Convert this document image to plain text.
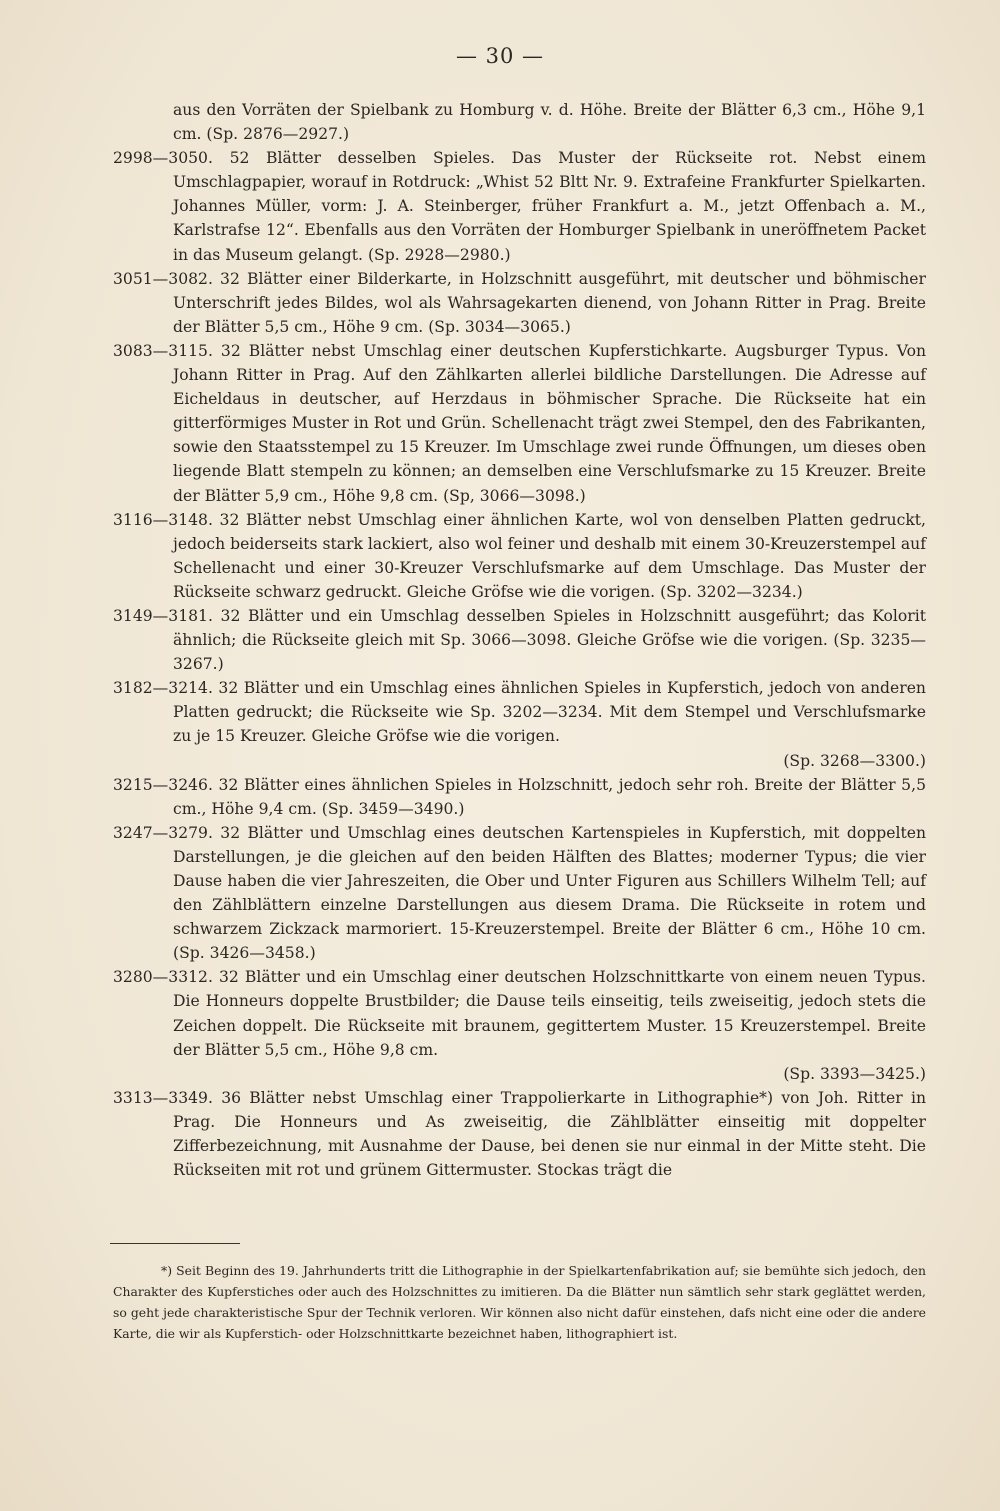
— 30 —

aus den Vorräten der Spielbank zu Homburg v. d. Höhe. Breite der Blätter 6,3 cm., Höhe 9,1 cm. (Sp. 2876—2927.)

2998—3050. 52 Blätter desselben Spieles. Das Muster der Rückseite rot. Nebst einem Umschlagpapier, worauf in Rotdruck: „Whist 52 Bltt Nr. 9. Extrafeine Frankfurter Spielkarten. Johannes Müller, vorm: J. A. Steinberger, früher Frankfurt a. M., jetzt Offenbach a. M., Karlstrafse 12“. Ebenfalls aus den Vorräten der Homburger Spielbank in uneröffnetem Packet in das Museum gelangt. (Sp. 2928—2980.)

3051—3082. 32 Blätter einer Bilderkarte, in Holzschnitt ausgeführt, mit deutscher und böhmischer Unterschrift jedes Bildes, wol als Wahrsagekarten dienend, von Johann Ritter in Prag. Breite der Blätter 5,5 cm., Höhe 9 cm. (Sp. 3034—3065.)

3083—3115. 32 Blätter nebst Umschlag einer deutschen Kupferstichkarte. Augsburger Typus. Von Johann Ritter in Prag. Auf den Zählkarten allerlei bildliche Darstellungen. Die Adresse auf Eicheldaus in deutscher, auf Herzdaus in böhmischer Sprache. Die Rückseite hat ein gitterförmiges Muster in Rot und Grün. Schellenacht trägt zwei Stempel, den des Fabrikanten, sowie den Staatsstempel zu 15 Kreuzer. Im Umschlage zwei runde Öffnungen, um dieses oben liegende Blatt stempeln zu können; an demselben eine Verschlufsmarke zu 15 Kreuzer. Breite der Blätter 5,9 cm., Höhe 9,8 cm. (Sp, 3066—3098.)

3116—3148. 32 Blätter nebst Umschlag einer ähnlichen Karte, wol von denselben Platten gedruckt, jedoch beiderseits stark lackiert, also wol feiner und deshalb mit einem 30-Kreuzerstempel auf Schellenacht und einer 30-Kreuzer Verschlufsmarke auf dem Umschlage. Das Muster der Rückseite schwarz gedruckt. Gleiche Gröfse wie die vorigen. (Sp. 3202—3234.)

3149—3181. 32 Blätter und ein Umschlag desselben Spieles in Holzschnitt ausgeführt; das Kolorit ähnlich; die Rückseite gleich mit Sp. 3066—3098. Gleiche Gröfse wie die vorigen. (Sp. 3235—3267.)

3182—3214. 32 Blätter und ein Umschlag eines ähnlichen Spieles in Kupferstich, jedoch von anderen Platten gedruckt; die Rückseite wie Sp. 3202—3234. Mit dem Stempel und Verschlufsmarke zu je 15 Kreuzer. Gleiche Gröfse wie die vorigen.

(Sp. 3268—3300.)

3215—3246. 32 Blätter eines ähnlichen Spieles in Holzschnitt, jedoch sehr roh. Breite der Blätter 5,5 cm., Höhe 9,4 cm. (Sp. 3459—3490.)

3247—3279. 32 Blätter und Umschlag eines deutschen Kartenspieles in Kupferstich, mit doppelten Darstellungen, je die gleichen auf den beiden Hälften des Blattes; moderner Typus; die vier Dause haben die vier Jahreszeiten, die Ober und Unter Figuren aus Schillers Wilhelm Tell; auf den Zählblättern einzelne Darstellungen aus diesem Drama. Die Rückseite in rotem und schwarzem Zickzack marmoriert. 15-Kreuzerstempel. Breite der Blätter 6 cm., Höhe 10 cm. (Sp. 3426—3458.)

3280—3312. 32 Blätter und ein Umschlag einer deutschen Holzschnittkarte von einem neuen Typus. Die Honneurs doppelte Brustbilder; die Dause teils einseitig, teils zweiseitig, jedoch stets die Zeichen doppelt. Die Rückseite mit braunem, gegittertem Muster. 15 Kreuzerstempel. Breite der Blätter 5,5 cm., Höhe 9,8 cm.

(Sp. 3393—3425.)

3313—3349. 36 Blätter nebst Umschlag einer Trappolierkarte in Lithographie*) von Joh. Ritter in Prag. Die Honneurs und As zweiseitig, die Zählblätter einseitig mit doppelter Zifferbezeichnung, mit Ausnahme der Dause, bei denen sie nur einmal in der Mitte steht. Die Rückseiten mit rot und grünem Gittermuster. Stockas trägt die

*) Seit Beginn des 19. Jahrhunderts tritt die Lithographie in der Spielkartenfabrikation auf; sie bemühte sich jedoch, den Charakter des Kupferstiches oder auch des Holzschnittes zu imitieren. Da die Blätter nun sämtlich sehr stark geglättet werden, so geht jede charakteristische Spur der Technik verloren. Wir können also nicht dafür einstehen, dafs nicht eine oder die andere Karte, die wir als Kupferstich- oder Holzschnittkarte bezeichnet haben, lithographiert ist.
